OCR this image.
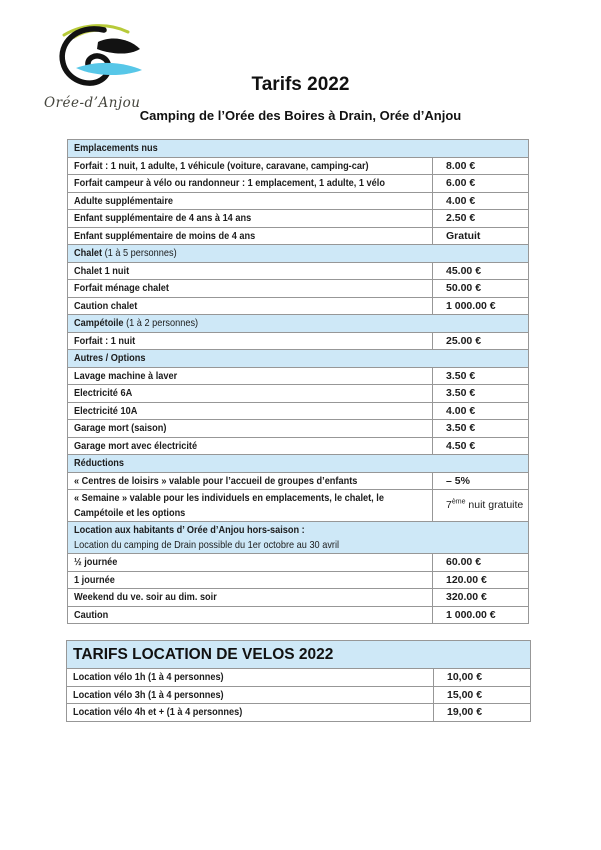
Orée-d’Anjou
Tarifs 2022
Camping de l’Orée des Boires à Drain, Orée d’Anjou
Emplacements nus	
Forfait : 1 nuit, 1 adulte, 1 véhicule (voiture, caravane, camping-car)	8.00 €

Forfait campeur à vélo ou randonneur : 1 emplacement, 1 adulte, 1 vélo	6.00 €

Adulte supplémentaire	4.00 €

Enfant supplémentaire de 4 ans à 14 ans	2.50 €

Enfant supplémentaire de moins de 4 ans	Gratuit

Chalet (1 à 5 personnes)	
Chalet 1 nuit	45.00 €

Forfait ménage chalet	50.00 €

Caution chalet	1 000.00 €

Campétoile (1 à 2 personnes)	
Forfait : 1 nuit	25.00 €

Autres / Options	
Lavage machine à laver	3.50 €

Electricité 6A	3.50 €

Electricité 10A	4.00 €

Garage mort (saison)	3.50 €

Garage mort avec électricité	4.50 €

Réductions	
« Centres de loisirs » valable pour l’accueil de groupes d’enfants	– 5%

« Semaine » valable pour les individuels en emplacements, le chalet, le Campétoile et les options	7ème nuit gratuite

Location aux habitants d’ Orée d’Anjou hors-saison :Location du camping de Drain possible du 1er octobre au 30 avril	
½ journée	60.00 €

1 journée	120.00 €

Weekend du ve. soir au dim. soir	320.00 €

Caution	1 000.00 €
TARIFS LOCATION DE VELOS 2022	
Location vélo 1h (1 à 4 personnes)	10,00 €

Location vélo 3h (1 à 4 personnes)	15,00 €

Location vélo 4h et + (1 à 4 personnes)	19,00 €
